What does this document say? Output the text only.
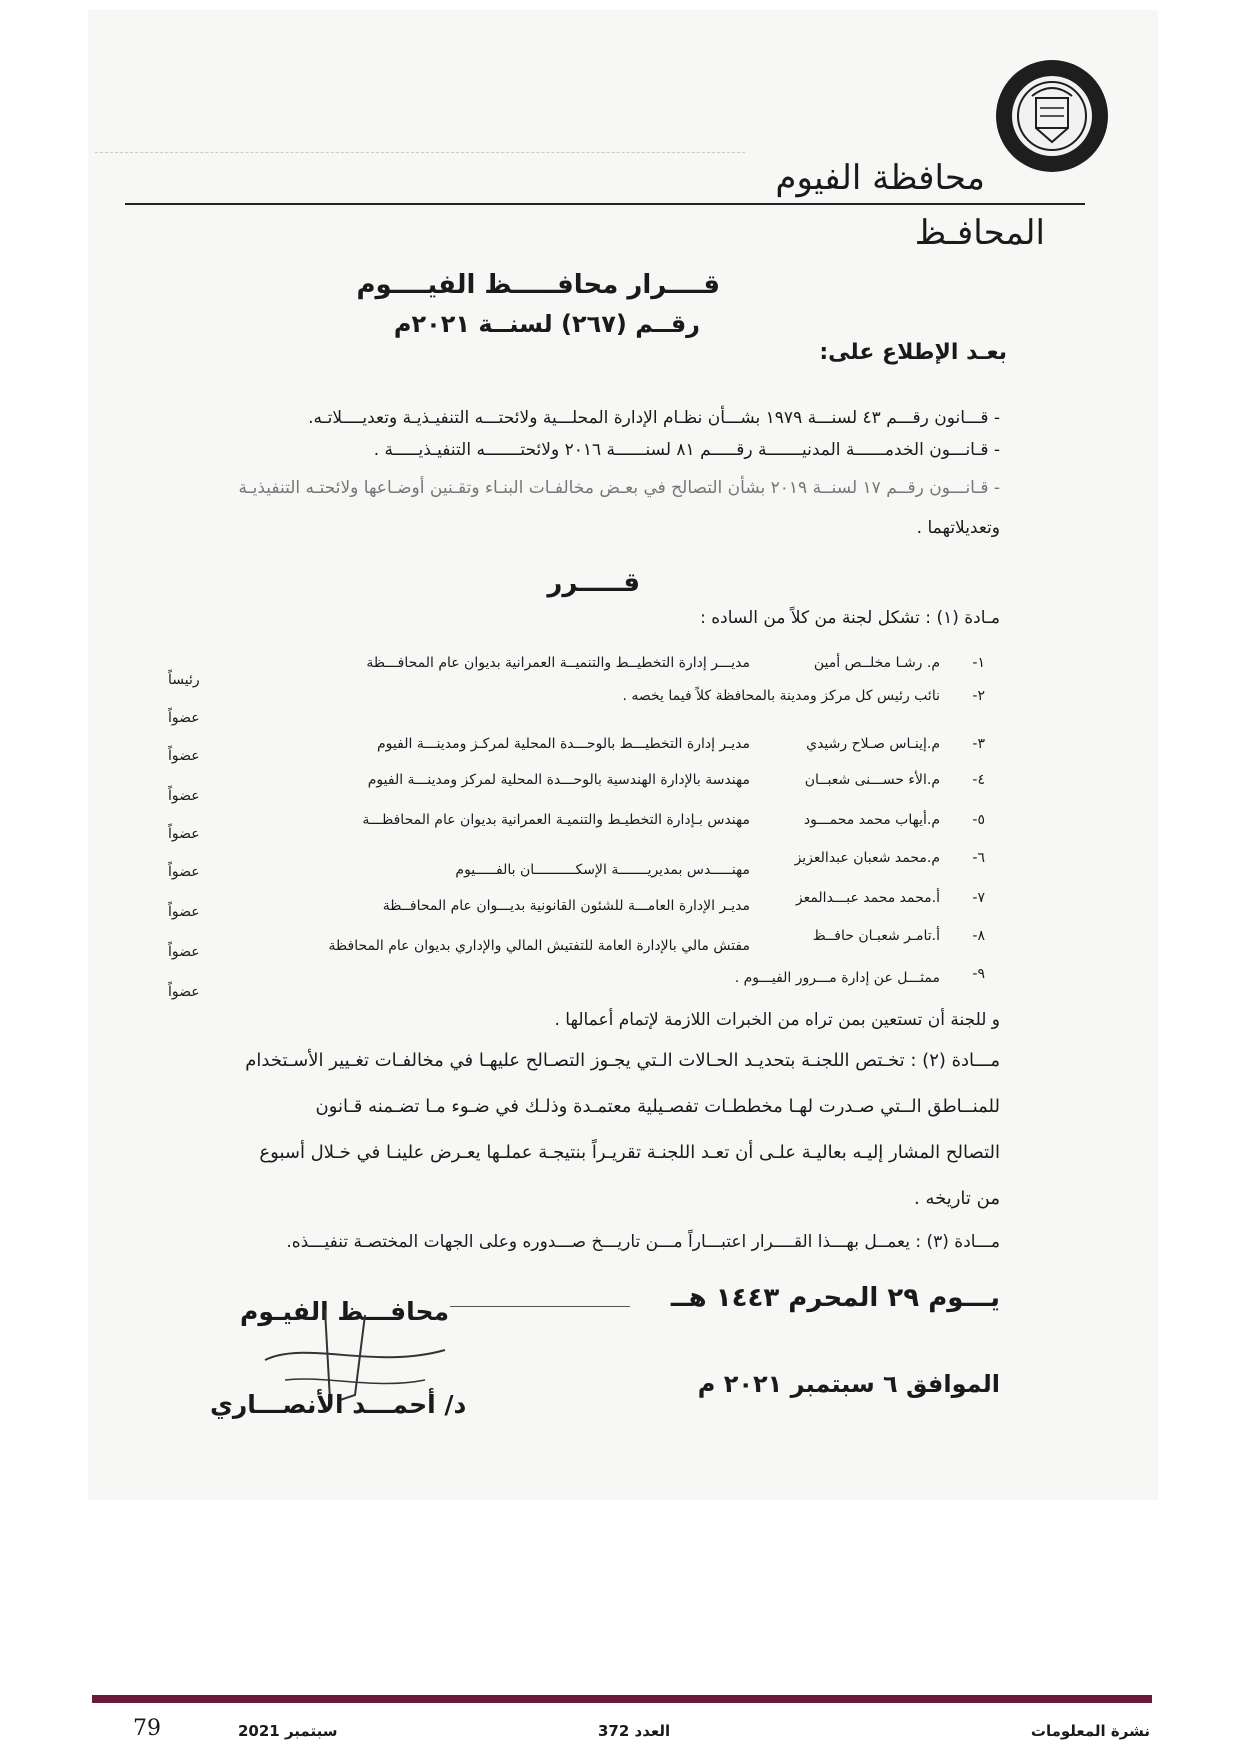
محافظة الفيوم
المحافـظ
قــــرار محافـــــظ الفيــــوم
رقــم (٢٦٧) لسنــة ٢٠٢١م
بعـد الإطلاع على:
- قـــانون رقـــم ٤٣ لسنـــة ١٩٧٩ بشـــأن نظـام الإدارة المحلـــية ولائحتـــه التنفيـذيـة وتعديــــلاتـه.
- قـانـــون الخدمــــــة المدنيـــــــة رقـــــم ٨١ لسنــــــة ٢٠١٦ ولائحتـــــــه التنفيـذيـــــة .
- قـانـــون رقــم ١٧ لسنــة ٢٠١٩ بشأن التصالح في بعـض مخالفـات البنـاء وتقـنين أوضـاعها ولائحتـه التنفيذيـة
وتعديلاتهما .
قـــــرر
مـادة (١) : تشكل لجنة من كلاً من الساده :
١-
م. رشـا مخلــص أمين
مديـــر إدارة التخطيــط والتنميــة العمرانية بديوان عام المحافـــظة
رئيساً
٢-
نائب رئيس كل مركز ومدينة بالمحافظة كلاً فيما يخصه .
عضواً
٣-
م.إينـاس صـلاح رشيدي
مديـر إدارة التخطيـــط بالوحـــدة المحلية لمركـز ومدينـــة الفيوم
عضواً
٤-
م.الأء حســـنى شعبــان
مهندسة بالإدارة الهندسية بالوحـــدة المحلية لمركز ومدينـــة الفيوم
عضواً
٥-
م.أيهاب محمد محمـــود
مهندس بـإدارة التخطيـط والتنميـة العمرانية بديوان عام المحافظـــة
عضواً
٦-
م.محمد شعبان عبدالعزيز
مهنـــــدس بمديريـــــــة الإسكــــــــــان بالفـــــيوم
عضواً
٧-
أ.محمد محمد عبـــدالمعز
مديـر الإدارة العامـــة للشئون القانونية بديـــوان عام المحافــظة
عضواً
٨-
أ.تامـر شعبـان حافــظ
مفتش مالي بالإدارة العامة للتفتيش المالي والإداري بديوان عام المحافظة
عضواً
٩-
ممثـــل عن إدارة مـــرور الفيـــوم .
عضواً
و للجنة أن تستعين بمن تراه من الخبرات اللازمة لإتمام أعمالها .
مـــادة (٢) : تخـتص اللجنـة بتحديـد الحـالات الـتي يجـوز التصـالح عليهـا في مخالفـات تغـيير الأسـتخدام
للمنــاطق الــتي صـدرت لهـا مخططـات تفصـيلية معتمـدة وذلـك في ضـوء مـا تضـمنه قـانون
التصالح المشار إليـه بعاليـة علـى أن تعـد اللجنـة تقريـراً بنتيجـة عملـها يعـرض علينـا في خـلال أسبوع
من تاريخه .
مـــادة (٣) : يعمــل بهـــذا القــــرار اعتبـــاراً مـــن تاريـــخ صـــدوره وعلى الجهات المختصـة تنفيـــذه.
يـــوم ٢٩ المحرم ١٤٤٣ هــ
الموافق ٦ سبتمبر ٢٠٢١ م
محافـــظ الفيـوم
د/ أحمـــد الأنصـــاري
نشرة المعلومات
العدد 372
سبتمبر 2021
79
